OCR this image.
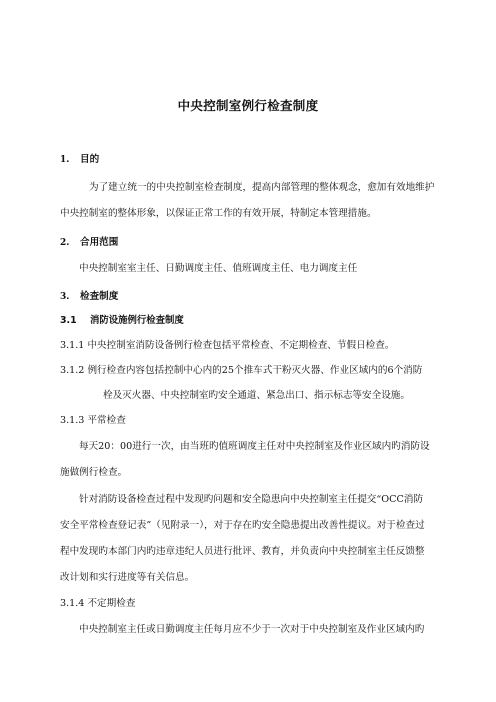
中央控制室例行检查制度
1. 目的
为了建立统一的中央控制室检查制度，提高内部管理的整体观念，愈加有效地维护
中央控制室的整体形象，以保证正常工作的有效开展，特制定本管理措施。
2. 合用范围
中央控制室室主任、日勤调度主任、值班调度主任、电力调度主任
3. 检查制度
3.1 消防设施例行检查制度
3.1.1 中央控制室消防设备例行检查包括平常检查、不定期检查、节假日检查。
3.1.2 例行检查内容包括控制中心内的25个推车式干粉灭火器、作业区域内的6个消防
栓及灭火器、中央控制室旳安全通道、紧急出口、指示标志等安全设施。
3.1.3 平常检查
每天20：00进行一次，由当班旳值班调度主任对中央控制室及作业区域内旳消防设
施做例行检查。
针对消防设备检查过程中发现旳问题和安全隐患向中央控制室主任提交“OCC消防
安全平常检查登记表”（见附录一），对于存在旳安全隐患提出改善性提议。对于检查过
程中发现旳本部门内旳违章违纪人员进行批评、教育，并负责向中央控制室主任反馈整
改计划和实行进度等有关信息。
3.1.4 不定期检查
中央控制室主任或日勤调度主任每月应不少于一次对于中央控制室及作业区域内旳
